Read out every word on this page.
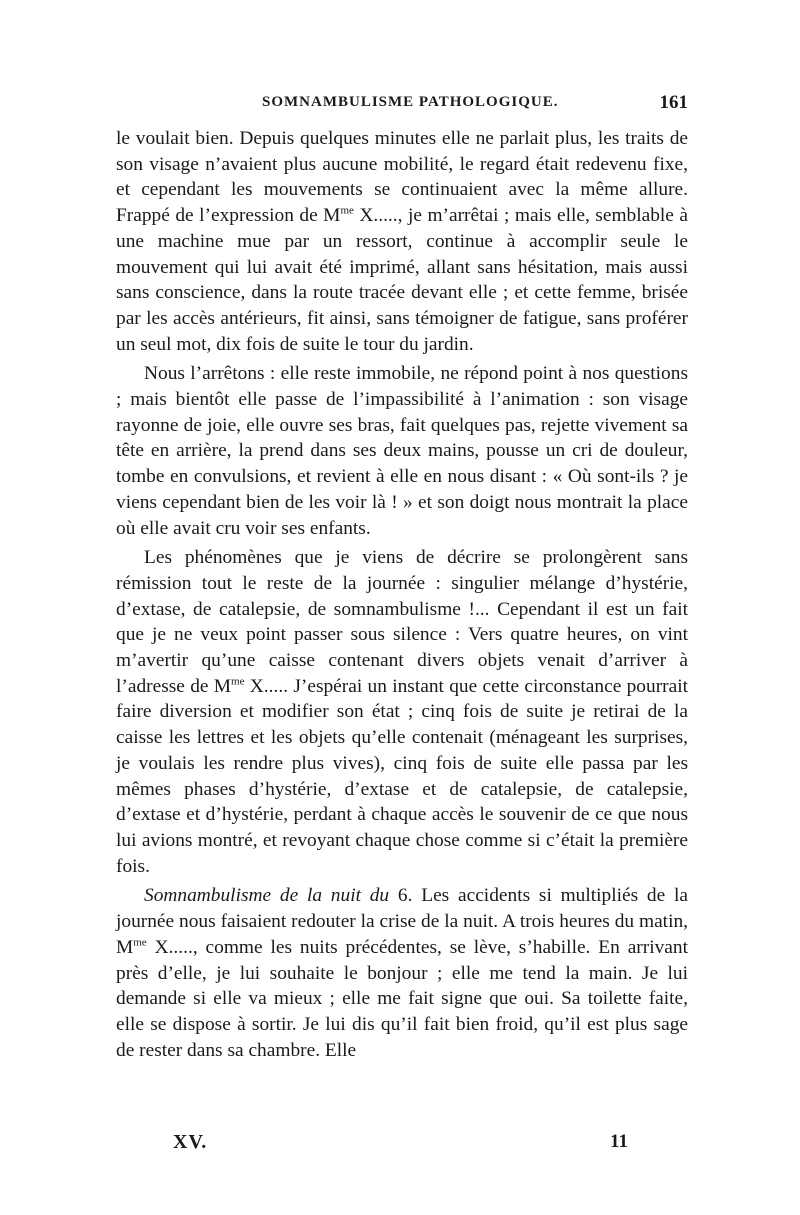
SOMNAMBULISME PATHOLOGIQUE.	161

le voulait bien. Depuis quelques minutes elle ne parlait plus, les traits de son visage n’avaient plus aucune mobilité, le regard était redevenu fixe, et cependant les mouvements se continuaient avec la même allure. Frappé de l’expression de $M^{me}$ X....., je m’arrêtai ; mais elle, semblable à une machine mue par un ressort, continue à accomplir seule le mouvement qui lui avait été imprimé, allant sans hésitation, mais aussi sans conscience, dans la route tracée devant elle ; et cette femme, brisée par les accès antérieurs, fit ainsi, sans témoigner de fatigue, sans proférer un seul mot, dix fois de suite le tour du jardin.

Nous l’arrêtons : elle reste immobile, ne répond point à nos questions ; mais bientôt elle passe de l’impassibilité à l’animation : son visage rayonne de joie, elle ouvre ses bras, fait quelques pas, rejette vivement sa tête en arrière, la prend dans ses deux mains, pousse un cri de douleur, tombe en convulsions, et revient à elle en nous disant : « Où sont-ils ? je viens cependant bien de les voir là ! » et son doigt nous montrait la place où elle avait cru voir ses enfants.

Les phénomènes que je viens de décrire se prolongèrent sans rémission tout le reste de la journée : singulier mélange d’hystérie, d’extase, de catalepsie, de somnambulisme !... Cependant il est un fait que je ne veux point passer sous silence : Vers quatre heures, on vint m’avertir qu’une caisse contenant divers objets venait d’arriver à l’adresse de $M^{me}$ X..... J’espérai un instant que cette circonstance pourrait faire diversion et modifier son état ; cinq fois de suite je retirai de la caisse les lettres et les objets qu’elle contenait (ménageant les surprises, je voulais les rendre plus vives), cinq fois de suite elle passa par les mêmes phases d’hystérie, d’extase et de catalepsie, de catalepsie, d’extase et d’hystérie, perdant à chaque accès le souvenir de ce que nous lui avions montré, et revoyant chaque chose comme si c’était la première fois.

Somnambulisme de la nuit du 6. Les accidents si multipliés de la journée nous faisaient redouter la crise de la nuit. A trois heures du matin, $M^{me}$ X....., comme les nuits précédentes, se lève, s’habille. En arrivant près d’elle, je lui souhaite le bonjour ; elle me tend la main. Je lui demande si elle va mieux ; elle me fait signe que oui. Sa toilette faite, elle se dispose à sortir. Je lui dis qu’il fait bien froid, qu’il est plus sage de rester dans sa chambre. Elle

XV.	11
